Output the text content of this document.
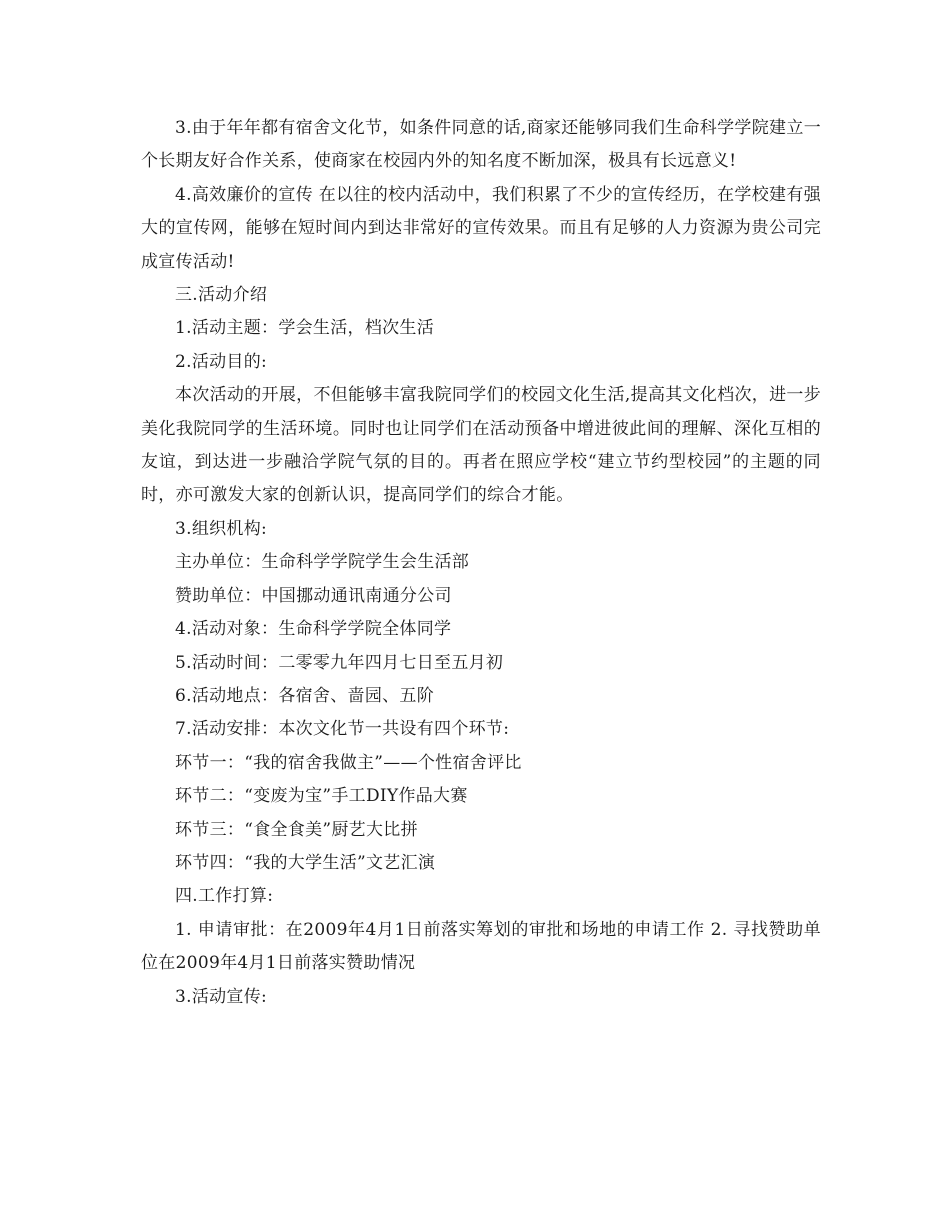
3.由于年年都有宿舍文化节，如条件同意的话,商家还能够同我们生命科学学院建立一个长期友好合作关系，使商家在校园内外的知名度不断加深，极具有长远意义!

4.高效廉价的宣传 在以往的校内活动中，我们积累了不少的宣传经历，在学校建有强大的宣传网，能够在短时间内到达非常好的宣传效果。而且有足够的人力资源为贵公司完成宣传活动!

三.活动介绍

1.活动主题：学会生活，档次生活

2.活动目的:

本次活动的开展，不但能够丰富我院同学们的校园文化生活,提高其文化档次，进一步美化我院同学的生活环境。同时也让同学们在活动预备中增进彼此间的理解、深化互相的友谊，到达进一步融洽学院气氛的目的。再者在照应学校“建立节约型校园”的主题的同时，亦可激发大家的创新认识，提高同学们的综合才能。

3.组织机构:

主办单位：生命科学学院学生会生活部

赞助单位：中国挪动通讯南通分公司

4.活动对象：生命科学学院全体同学

5.活动时间：二零零九年四月七日至五月初

6.活动地点：各宿舍、啬园、五阶

7.活动安排：本次文化节一共设有四个环节:

环节一：“我的宿舍我做主”——个性宿舍评比

环节二：“变废为宝”手工DIY作品大赛

环节三：“食全食美”厨艺大比拼

环节四：“我的大学生活”文艺汇演

四.工作打算:

1. 申请审批：在2009年4月1日前落实筹划的审批和场地的申请工作 2. 寻找赞助单位在2009年4月1日前落实赞助情况

3.活动宣传:
